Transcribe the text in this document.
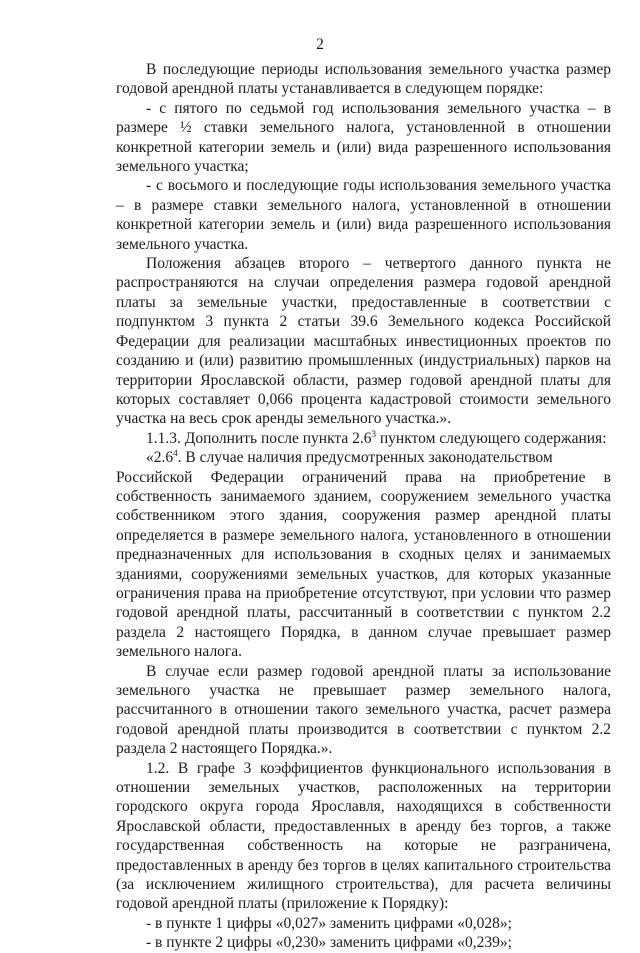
2

В последующие периоды использования земельного участка размер годовой арендной платы устанавливается в следующем порядке:

- с пятого по седьмой год использования земельного участка – в размере ½ ставки земельного налога, установленной в отношении конкретной категории земель и (или) вида разрешенного использования земельного участка;

- с восьмого и последующие годы использования земельного участка – в размере ставки земельного налога, установленной в отношении конкретной категории земель и (или) вида разрешенного использования земельного участка.

Положения абзацев второго – четвертого данного пункта не распространяются на случаи определения размера годовой арендной платы за земельные участки, предоставленные в соответствии с подпунктом 3 пункта 2 статьи 39.6 Земельного кодекса Российской Федерации для реализации масштабных инвестиционных проектов по созданию и (или) развитию промышленных (индустриальных) парков на территории Ярославской области, размер годовой арендной платы для которых составляет 0,066 процента кадастровой стоимости земельного участка на весь срок аренды земельного участка.».

1.1.3. Дополнить после пункта $2.6^3$ пунктом следующего содержания:

«$2.6^4$. В случае наличия предусмотренных законодательством

Российской Федерации ограничений права на приобретение в собственность занимаемого зданием, сооружением земельного участка собственником этого здания, сооружения размер арендной платы определяется в размере земельного налога, установленного в отношении предназначенных для использования в сходных целях и занимаемых зданиями, сооружениями земельных участков, для которых указанные ограничения права на приобретение отсутствуют, при условии что размер годовой арендной платы, рассчитанный в соответствии с пунктом 2.2 раздела 2 настоящего Порядка, в данном случае превышает размер земельного налога.

В случае если размер годовой арендной платы за использование земельного участка не превышает размер земельного налога, рассчитанного в отношении такого земельного участка, расчет размера годовой арендной платы производится в соответствии с пунктом 2.2 раздела 2 настоящего Порядка.».

1.2. В графе 3 коэффициентов функционального использования в отношении земельных участков, расположенных на территории городского округа города Ярославля, находящихся в собственности Ярославской области, предоставленных в аренду без торгов, а также государственная собственность на которые не разграничена, предоставленных в аренду без торгов в целях капитального строительства (за исключением жилищного строительства), для расчета величины годовой арендной платы (приложение к Порядку):

- в пункте 1 цифры «0,027» заменить цифрами «0,028»;

- в пункте 2 цифры «0,230» заменить цифрами «0,239»;
